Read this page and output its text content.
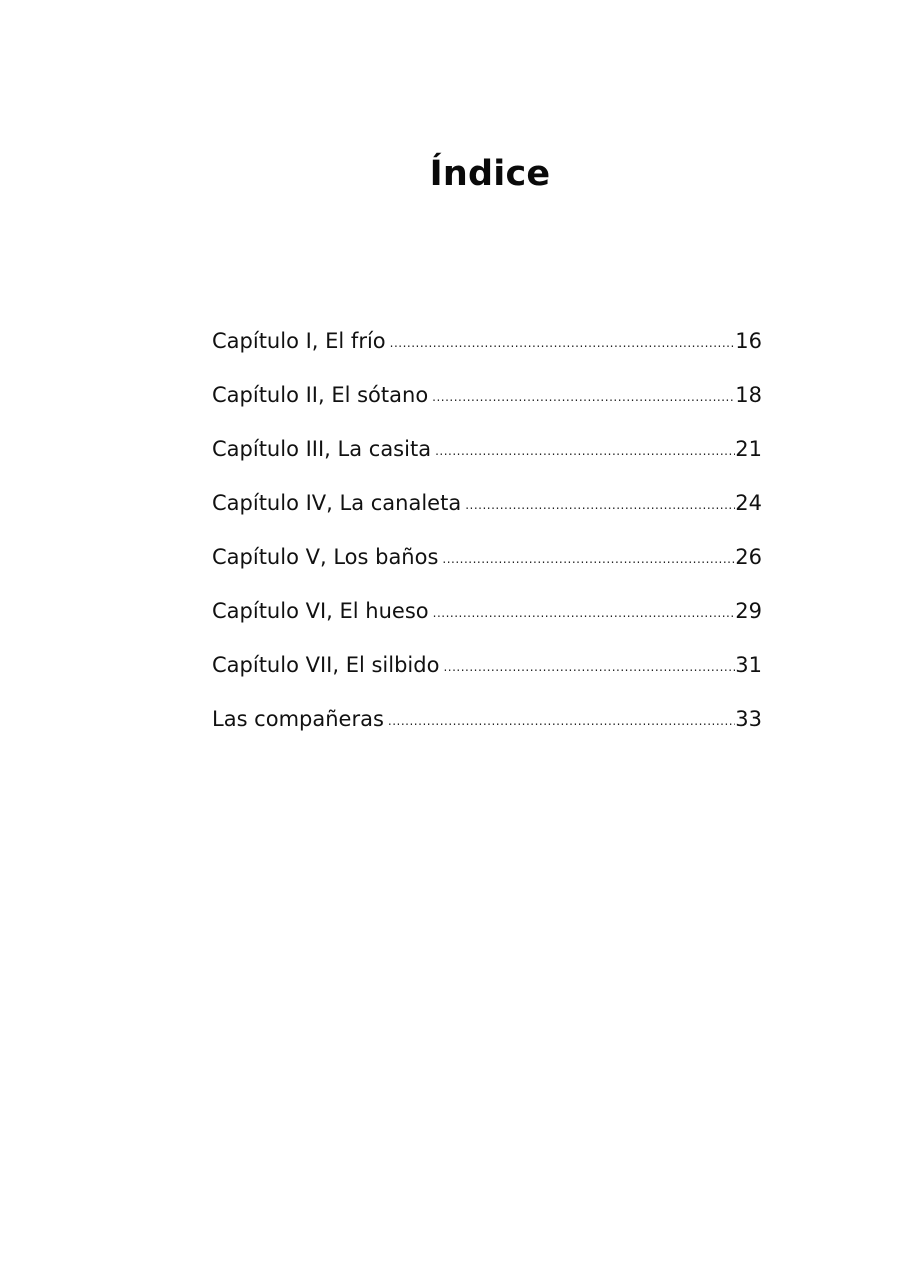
Índice
Capítulo I, El frío .....	16
Capítulo II, El sótano .....	18
Capítulo III, La casita .....	21
Capítulo IV, La canaleta .....	24
Capítulo V, Los baños .....	26
Capítulo VI, El hueso .....	29
Capítulo VII, El silbido .....	31
Las compañeras .....	33
